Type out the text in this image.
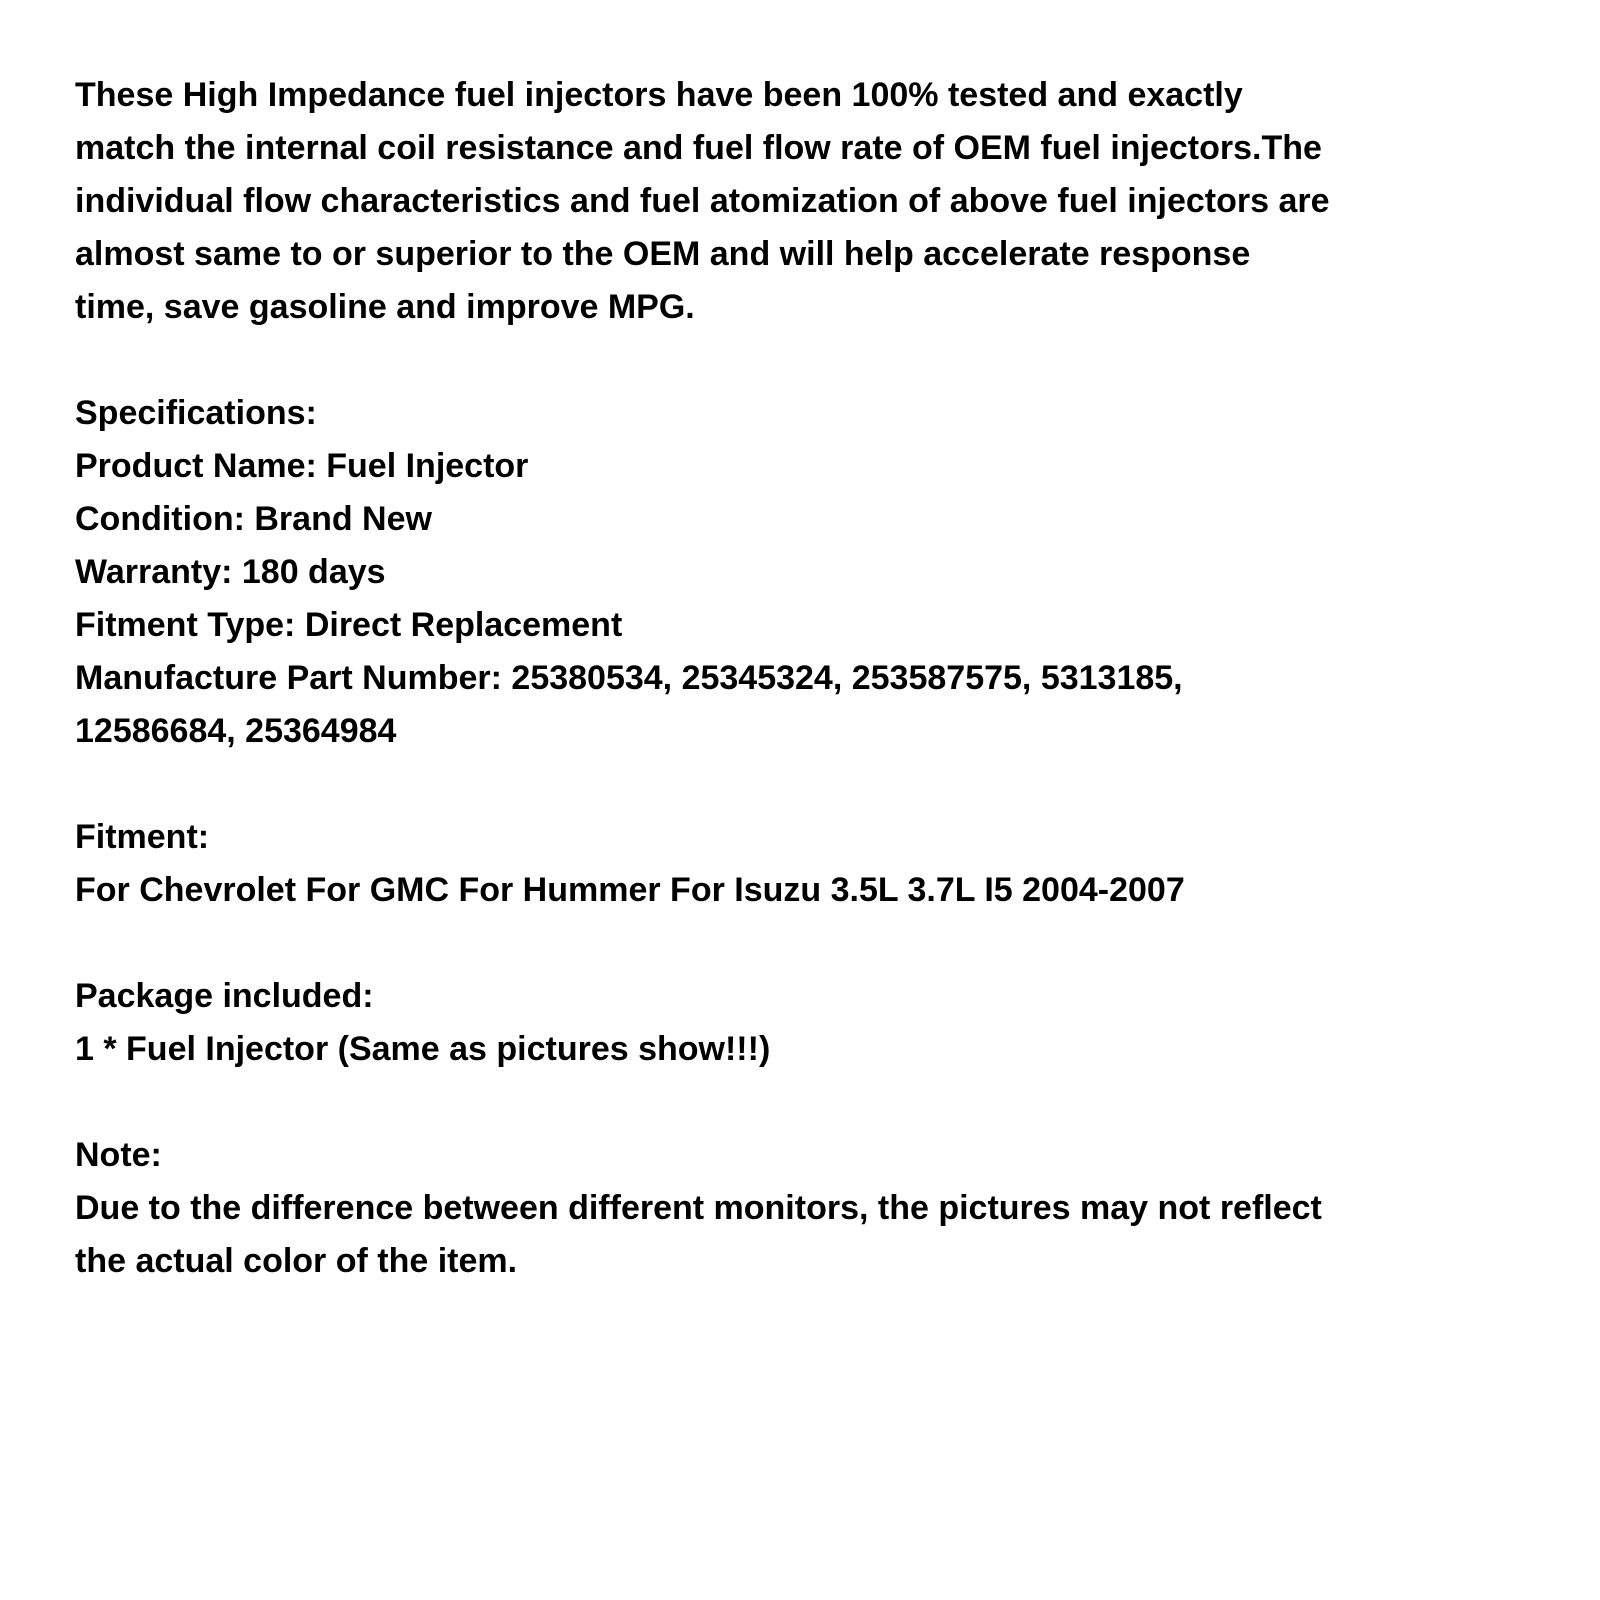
These High Impedance fuel injectors have been 100% tested and exactly
match the internal coil resistance and fuel flow rate of OEM fuel injectors.The
individual flow characteristics and fuel atomization of above fuel injectors are
almost same to or superior to the OEM and will help accelerate response
time, save gasoline and improve MPG.
Specifications:
Product Name: Fuel Injector
Condition: Brand New
Warranty: 180 days
Fitment Type: Direct Replacement
Manufacture Part Number: 25380534, 25345324, 253587575, 5313185,
12586684, 25364984
Fitment:
For Chevrolet For GMC For Hummer For Isuzu 3.5L 3.7L I5 2004-2007
Package included:
1 * Fuel Injector (Same as pictures show!!!)
Note:
Due to the difference between different monitors, the pictures may not reflect
the actual color of the item.
